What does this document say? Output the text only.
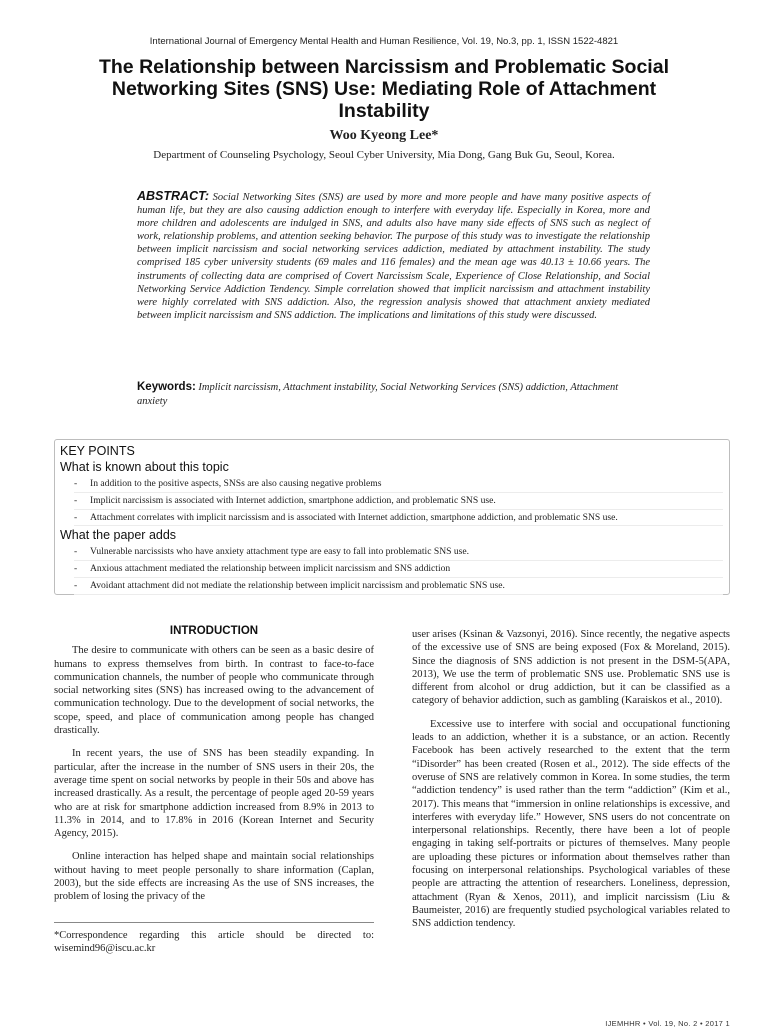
International Journal of Emergency Mental Health and Human Resilience, Vol. 19, No.3, pp. 1, ISSN 1522-4821
The Relationship between Narcissism and Problematic Social Networking Sites (SNS) Use: Mediating Role of Attachment Instability
Woo Kyeong Lee*
Department of Counseling Psychology, Seoul Cyber University, Mia Dong, Gang Buk Gu, Seoul, Korea.
ABSTRACT: Social Networking Sites (SNS) are used by more and more people and have many positive aspects of human life, but they are also causing addiction enough to interfere with everyday life. Especially in Korea, more and more children and adolescents are indulged in SNS, and adults also have many side effects of SNS such as neglect of work, relationship problems, and attention seeking behavior. The purpose of this study was to investigate the relationship between implicit narcissism and social networking services addiction, mediated by attachment instability. The study comprised 185 cyber university students (69 males and 116 females) and the mean age was 40.13 ± 10.66 years. The instruments of collecting data are comprised of Covert Narcissism Scale, Experience of Close Relationship, and Social Networking Service Addiction Tendency. Simple correlation showed that implicit narcissism and attachment instability were highly correlated with SNS addiction. Also, the regression analysis showed that attachment anxiety mediated between implicit narcissism and SNS addiction. The implications and limitations of this study were discussed.
Keywords: Implicit narcissism, Attachment instability, Social Networking Services (SNS) addiction, Attachment anxiety
KEY POINTS
What is known about this topic
- In addition to the positive aspects, SNSs are also causing negative problems
- Implicit narcissism is associated with Internet addiction, smartphone addiction, and problematic SNS use.
- Attachment correlates with implicit narcissism and is associated with Internet addiction, smartphone addiction, and problematic SNS use.
What the paper adds
- Vulnerable narcissists who have anxiety attachment type are easy to fall into problematic SNS use.
- Anxious attachment mediated the relationship between implicit narcissism and SNS addiction
- Avoidant attachment did not mediate the relationship between implicit narcissism and problematic SNS use.
INTRODUCTION

The desire to communicate with others can be seen as a basic desire of humans to express themselves from birth. In contrast to face-to-face communication channels, the number of people who communicate through social networking sites (SNS) has increased owing to the advancement of communication technology. Due to the development of social networks, the scope, speed, and place of communication among people has changed drastically.

In recent years, the use of SNS has been steadily expanding. In particular, after the increase in the number of SNS users in their 20s, the average time spent on social networks by people in their 50s and above has increased drastically. As a result, the percentage of people aged 20-59 years who are at risk for smartphone addiction increased from 8.9% in 2013 to 11.3% in 2014, and to 17.8% in 2016 (Korean Internet and Security Agency, 2015).

Online interaction has helped shape and maintain social relationships without having to meet people personally to share information (Caplan, 2003), but the side effects are increasing As the use of SNS increases, the problem of losing the privacy of the

user arises (Ksinan & Vazsonyi, 2016). Since recently, the negative aspects of the excessive use of SNS are being exposed (Fox & Moreland, 2015). Since the diagnosis of SNS addiction is not present in the DSM-5(APA, 2013), We use the term of problematic SNS use. Problematic SNS use is different from alcohol or drug addiction, but it can be classified as a category of behavior addiction, such as gambling (Karaiskos et al., 2010).

Excessive use to interfere with social and occupational functioning leads to an addiction, whether it is a substance, or an action. Recently Facebook has been actively researched to the extent that the term “iDisorder” has been created (Rosen et al., 2012). The side effects of the overuse of SNS are relatively common in Korea. In some studies, the term “addiction tendency” is used rather than the term “addiction” (Kim et al., 2017). This means that “immersion in online relationships is excessive, and interferes with everyday life.” However, SNS users do not concentrate on interpersonal relationships. Recently, there have been a lot of people engaging in taking self-portraits or pictures of themselves. Many people are uploading these pictures or information about themselves rather than focusing on interpersonal relationships. Psychological variables of these people are attracting the attention of researchers. Loneliness, depression, attachment (Ryan & Xenos, 2011), and implicit narcissism (Liu & Baumeister, 2016) are frequently studied psychological variables related to SNS addiction tendency.

*Correspondence regarding this article should be directed to: wisemind96@iscu.ac.kr
IJEMHHR • Vol. 19, No. 2 • 2017 1
